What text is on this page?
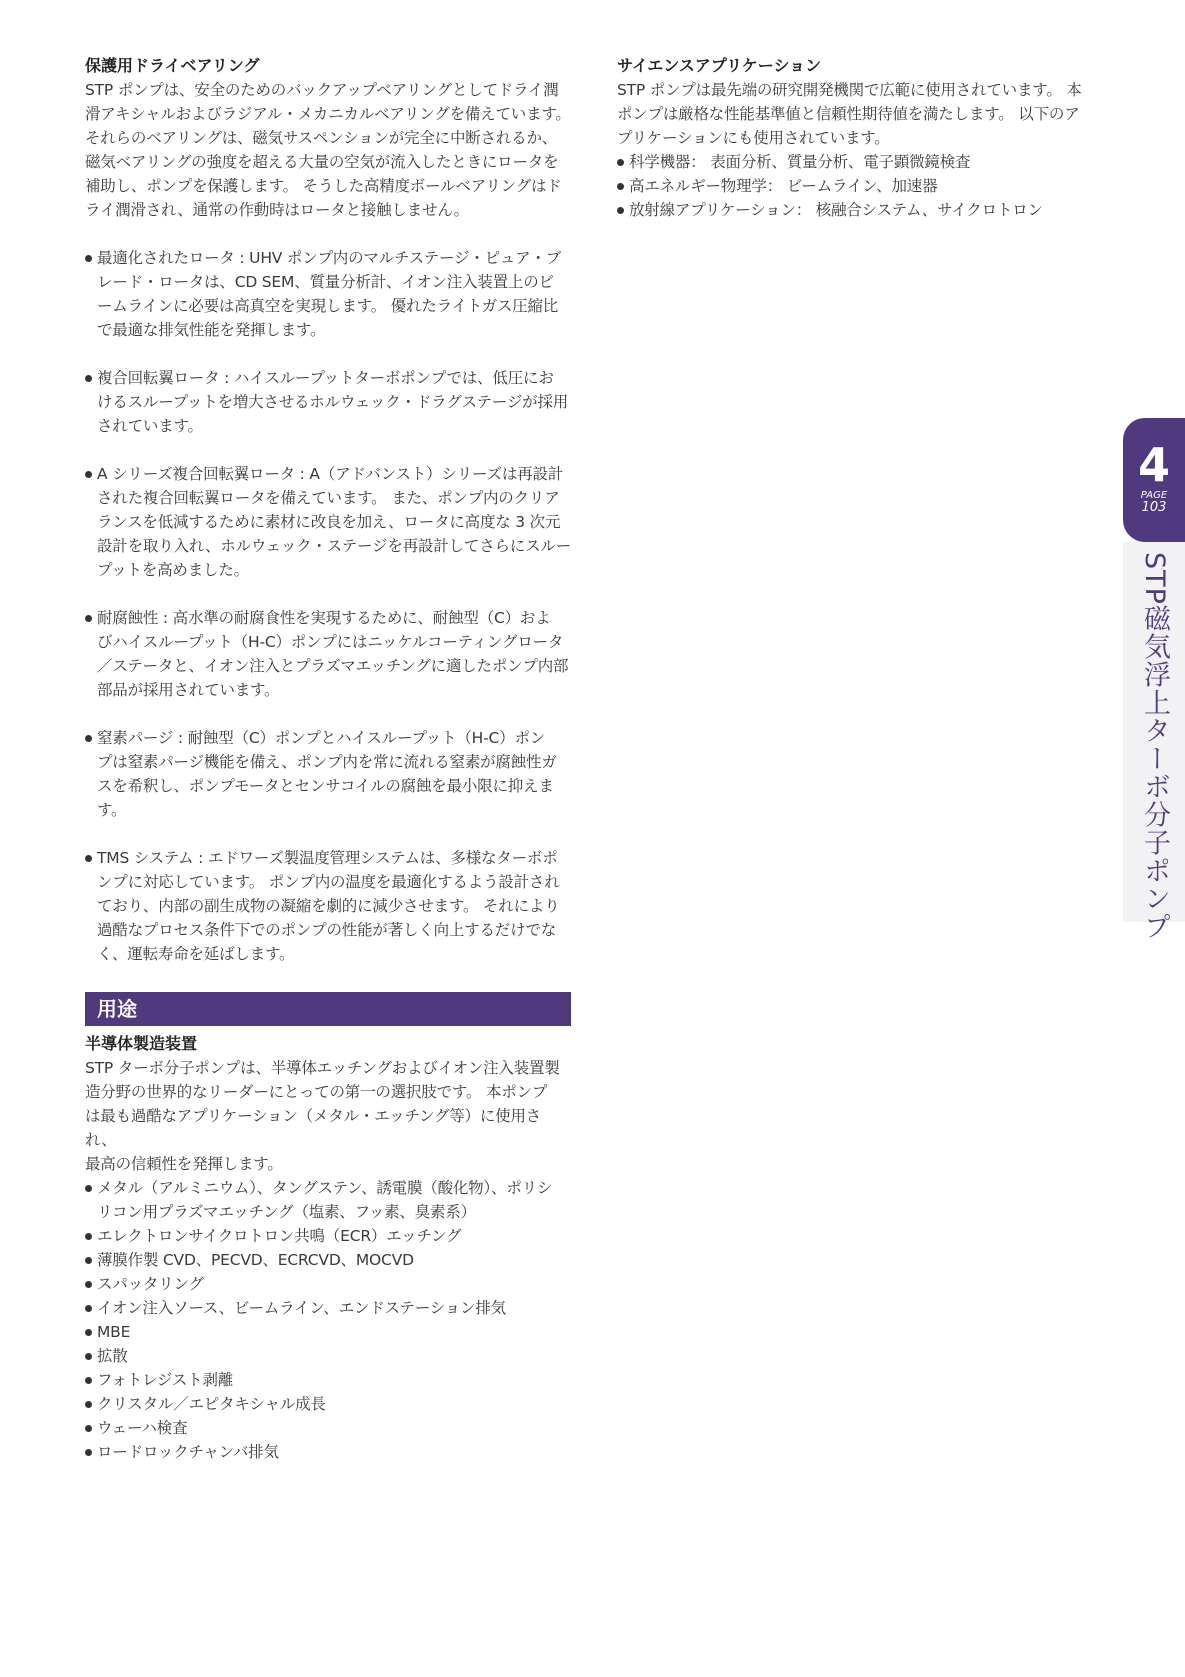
保護用ドライベアリング

STP ポンプは、安全のためのバックアップベアリングとしてドライ潤

滑アキシャルおよびラジアル・メカニカルベアリングを備えています。

それらのベアリングは、磁気サスペンションが完全に中断されるか、

磁気ベアリングの強度を超える大量の空気が流入したときにロータを

補助し、ポンプを保護します。 そうした高精度ボールベアリングはド

ライ潤滑され、通常の作動時はロータと接触しません。

最適化されたロータ : UHV ポンプ内のマルチステージ・ピュア・ブ
レード・ロータは、CD SEM、質量分析計、イオン注入装置上のビ
ームラインに必要は高真空を実現します。 優れたライトガス圧縮比
で最適な排気性能を発揮します。
複合回転翼ロータ : ハイスループットターボポンプでは、低圧にお
けるスループットを増大させるホルウェック・ドラグステージが採用
されています。
A シリーズ複合回転翼ロータ : A（アドバンスト）シリーズは再設計
された複合回転翼ロータを備えています。 また、ポンプ内のクリア
ランスを低減するために素材に改良を加え、ロータに高度な 3 次元
設計を取り入れ、ホルウェック・ステージを再設計してさらにスルー
プットを高めました。
耐腐蝕性 : 高水準の耐腐食性を実現するために、耐蝕型（C）およ
びハイスループット（H-C）ポンプにはニッケルコーティングロータ
／ステータと、イオン注入とプラズマエッチングに適したポンプ内部
部品が採用されています。
窒素パージ : 耐蝕型（C）ポンプとハイスループット（H-C）ポン
プは窒素パージ機能を備え、ポンプ内を常に流れる窒素が腐蝕性ガ
スを希釈し、ポンプモータとセンサコイルの腐蝕を最小限に抑えます。
TMS システム : エドワーズ製温度管理システムは、多様なターボポ
ンプに対応しています。 ポンプ内の温度を最適化するよう設計され
ており、内部の副生成物の凝縮を劇的に減少させます。 それにより
過酷なプロセス条件下でのポンプの性能が著しく向上するだけでな
く、運転寿命を延ばします。
用途
半導体製造装置

STP ターボ分子ポンプは、半導体エッチングおよびイオン注入装置製

造分野の世界的なリーダーにとっての第一の選択肢です。 本ポンプ

は最も過酷なアプリケーション（メタル・エッチング等）に使用され、

最高の信頼性を発揮します。

メタル（アルミニウム）、タングステン、誘電膜（酸化物）、ポリシ
リコン用プラズマエッチング（塩素、フッ素、臭素系）
エレクトロンサイクロトロン共鳴（ECR）エッチング
薄膜作製 CVD、PECVD、ECRCVD、MOCVD
スパッタリング
イオン注入ソース、ビームライン、エンドステーション排気
MBE
拡散
フォトレジスト剥離
クリスタル／エピタキシャル成長
ウェーハ検査
ロードロックチャンバ排気
サイエンスアプリケーション

STP ポンプは最先端の研究開発機関で広範に使用されています。 本

ポンプは厳格な性能基準値と信頼性期待値を満たします。 以下のア

プリケーションにも使用されています。

科学機器： 表面分析、質量分析、電子顕微鏡検査
高エネルギー物理学： ビームライン、加速器
放射線アプリケーション： 核融合システム、サイクロトロン
4
PAGE
103
STP磁気浮上ターボ分子ポンプ
